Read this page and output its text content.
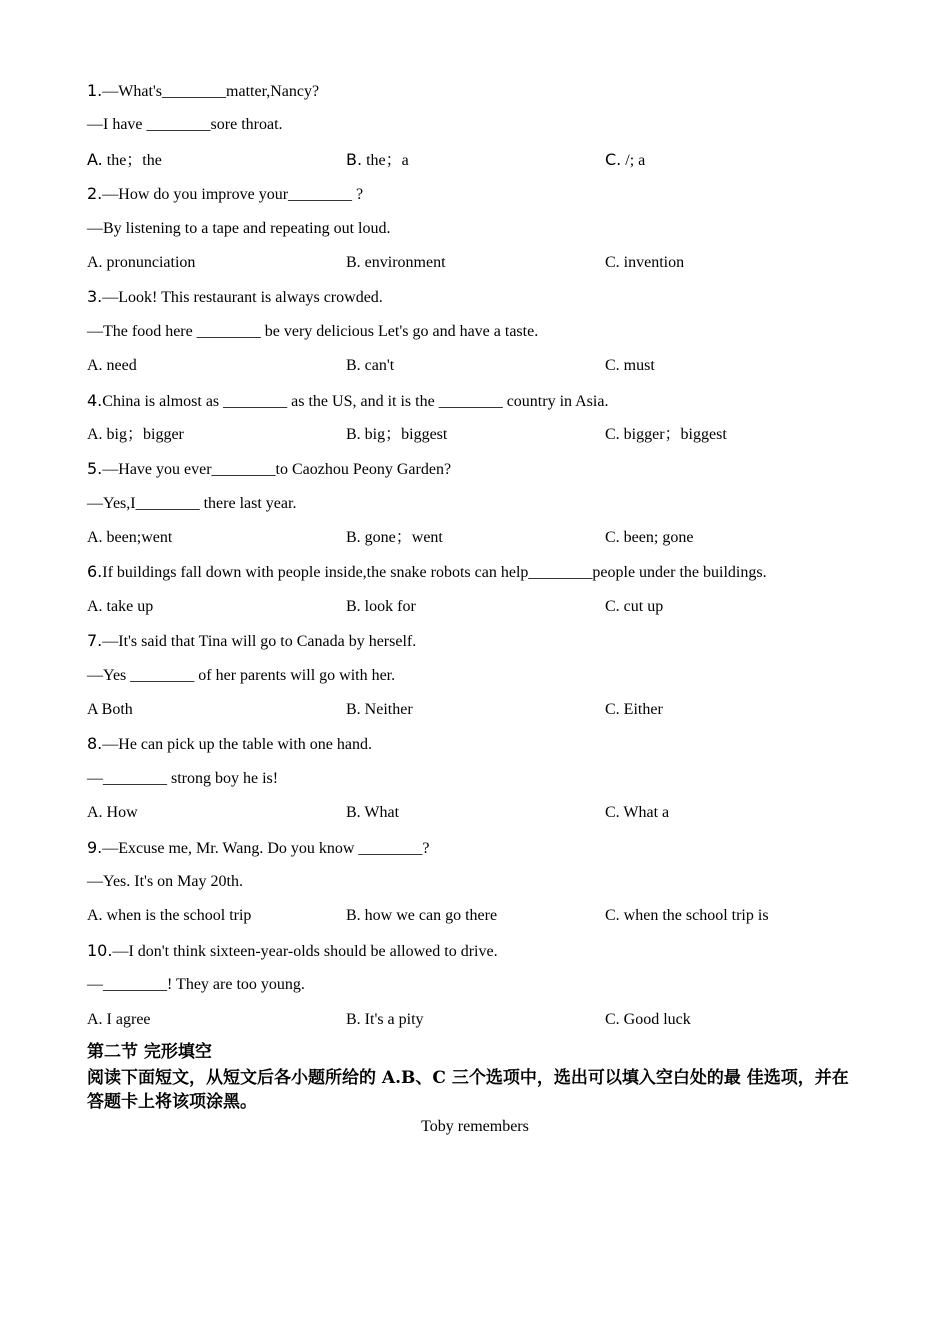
1.—What's________matter,Nancy?
—I have ________sore throat.
A. the；the	B. the；a	C. /; a
2.—How do you improve your________ ?
—By listening to a tape and repeating out loud.
A. pronunciation	B. environment	C. invention
3.—Look! This restaurant is always crowded.
—The food here ________ be very delicious Let's go and have a taste.
A. need	B. can't	C. must
4.China is almost as ________ as the US, and it is the ________ country in Asia.
A. big；bigger	B. big；biggest	C. bigger；biggest
5.—Have you ever________to Caozhou Peony Garden?
—Yes,I________ there last year.
A. been;went	B. gone；went	C. been; gone
6.If buildings fall down with people inside,the snake robots can help________people under the buildings.
A. take up	B. look for	C. cut up
7.—It's said that Tina will go to Canada by herself.
—Yes ________ of her parents will go with her.
A Both	B. Neither	C. Either
8.—He can pick up the table with one hand.
—________ strong boy he is!
A. How	B. What	C. What a
9.—Excuse me, Mr. Wang. Do you know ________?
—Yes. It's on May 20th.
A. when is the school trip	B. how we can go there	C. when the school trip is
10.—I don't think sixteen-year-olds should be allowed to drive.
—________! They are too young.
A. I agree	B. It's a pity	C. Good luck
第二节 完形填空
阅读下面短文，从短文后各小题所给的 A.B、C 三个选项中，选出可以填入空白处的最 佳选项，并在答题卡上将该项涂黑。
Toby remembers
